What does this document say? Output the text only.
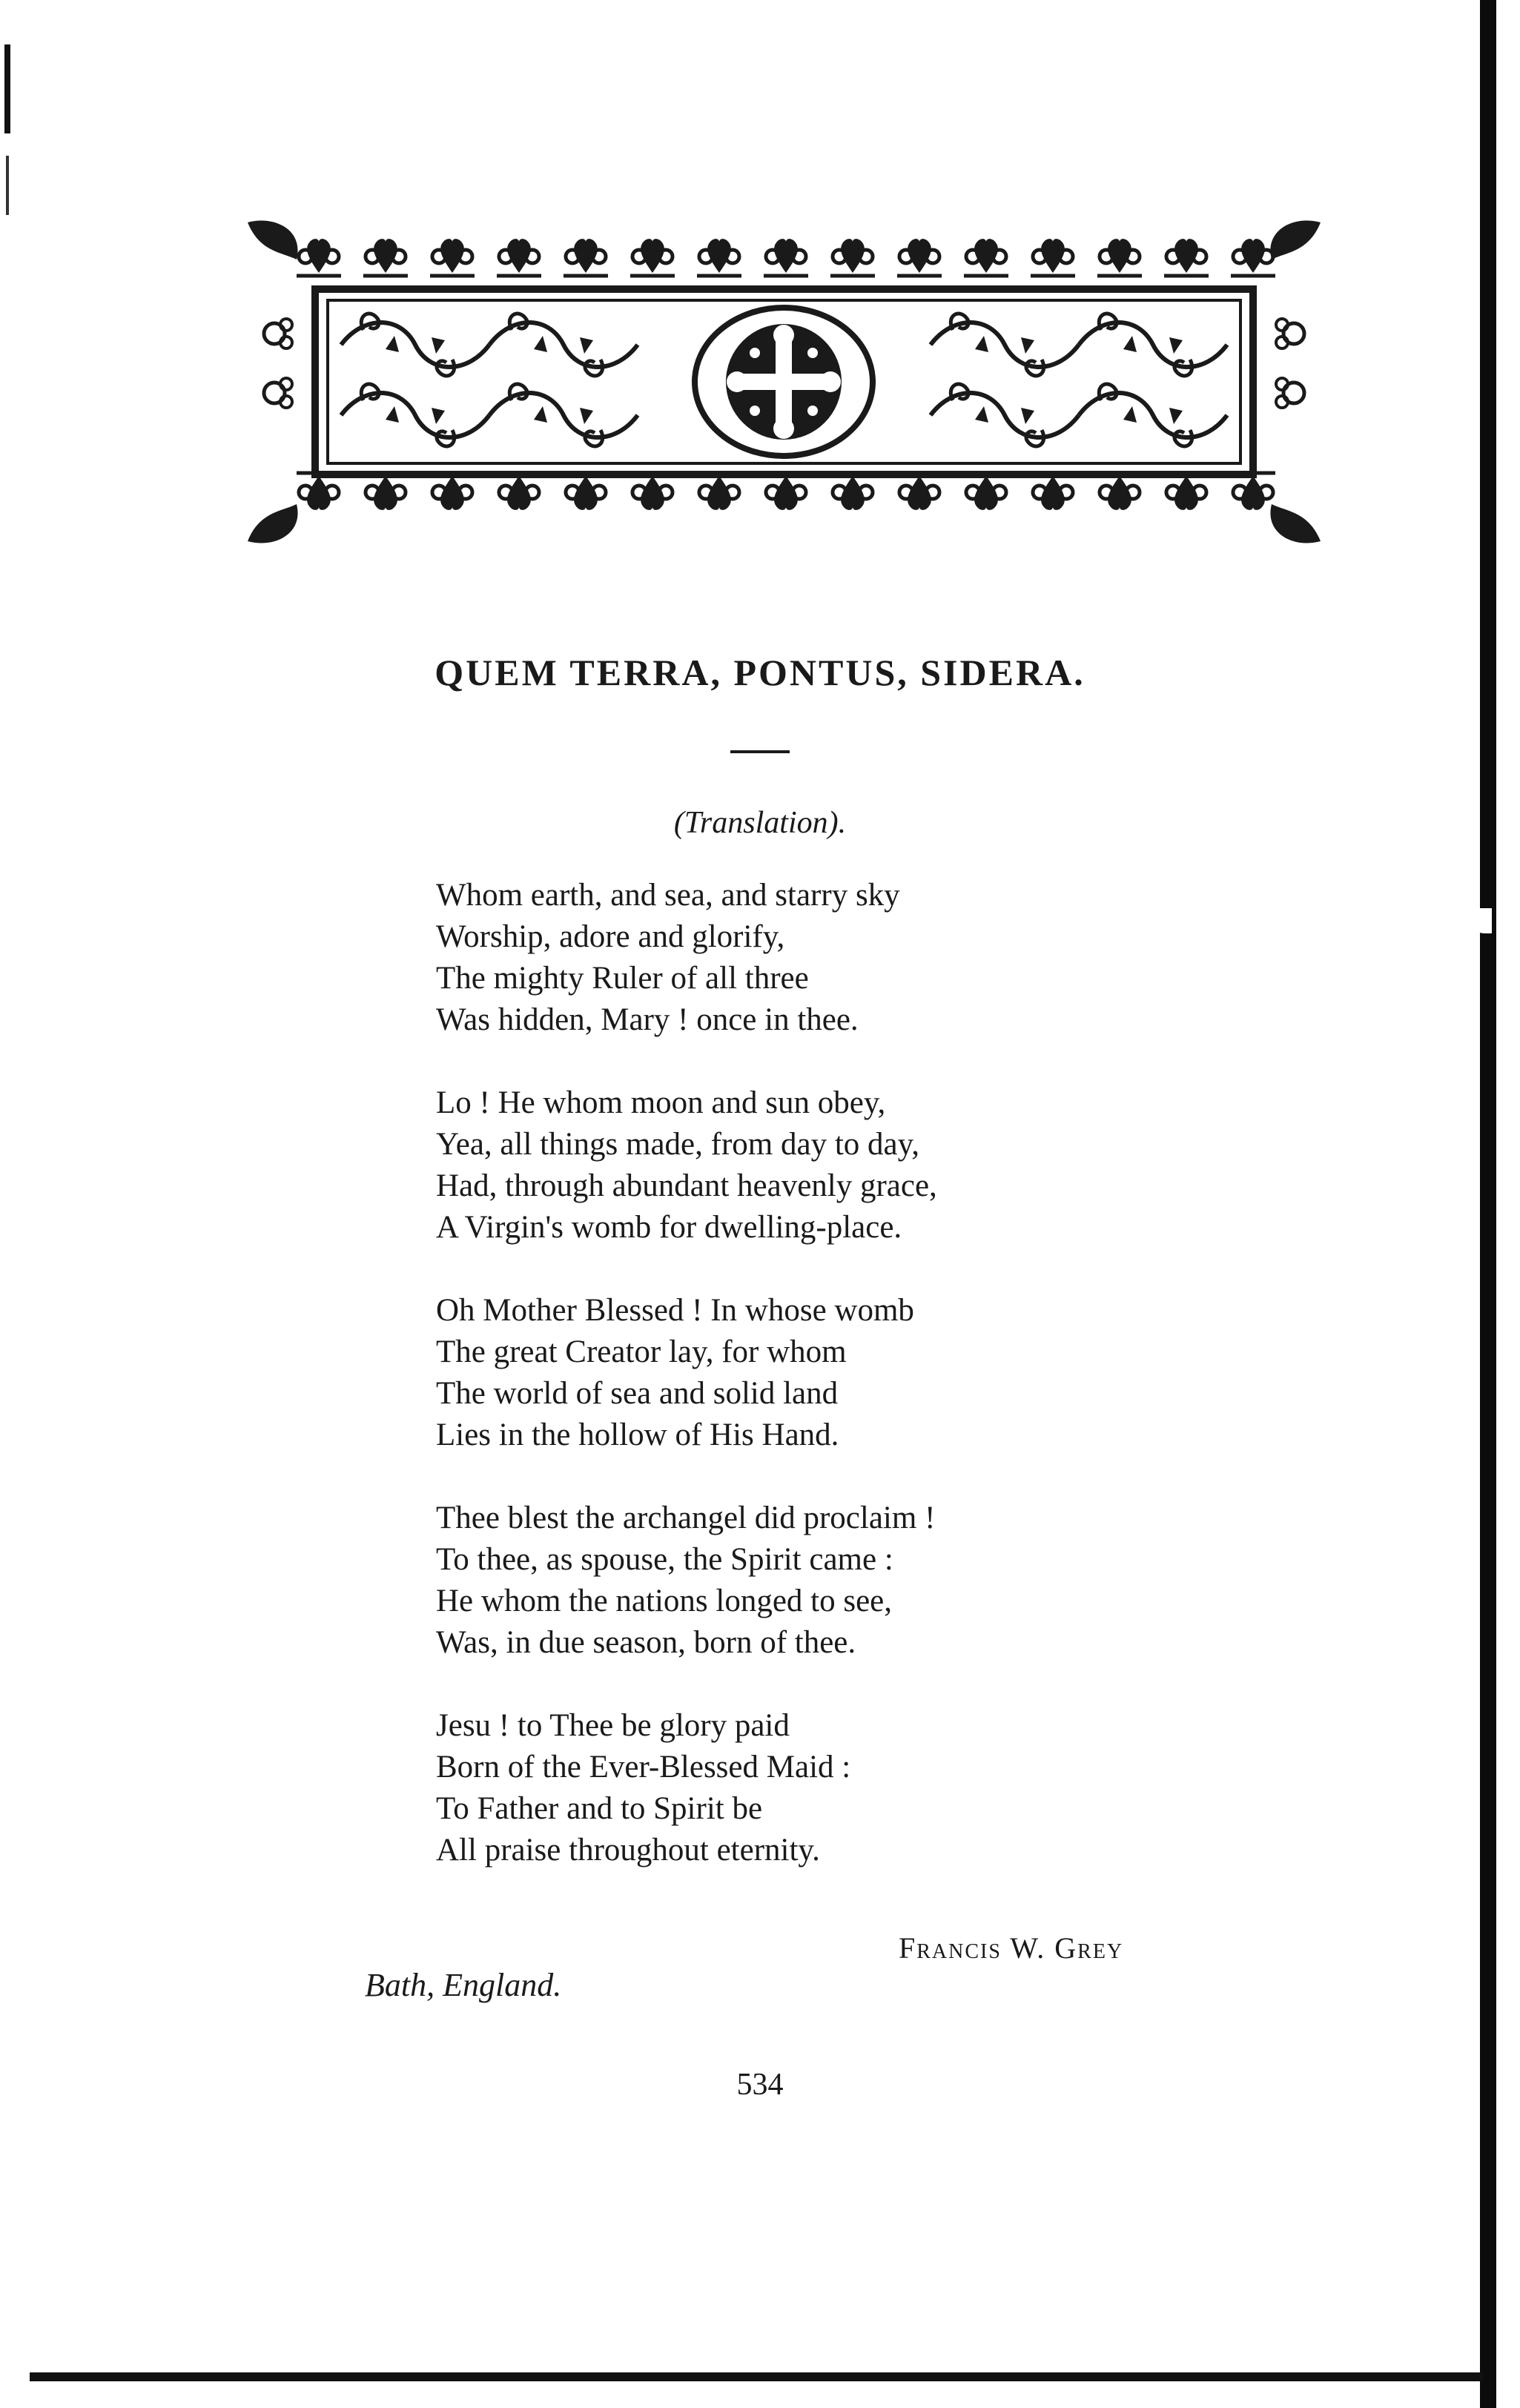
QUEM TERRA, PONTUS, SIDERA.
(Translation).
Whom earth, and sea, and starry sky
Worship, adore and glorify,
The mighty Ruler of all three
Was hidden, Mary ! once in thee.
Lo ! He whom moon and sun obey,
Yea, all things made, from day to day,
Had, through abundant heavenly grace,
A Virgin's womb for dwelling-place.
Oh Mother Blessed ! In whose womb
The great Creator lay, for whom
The world of sea and solid land
Lies in the hollow of His Hand.
Thee blest the archangel did proclaim !
To thee, as spouse, the Spirit came :
He whom the nations longed to see,
Was, in due season, born of thee.
Jesu ! to Thee be glory paid
Born of the Ever-Blessed Maid :
To Father and to Spirit be
All praise throughout eternity.
Francis W. Grey
Bath, England.
534
